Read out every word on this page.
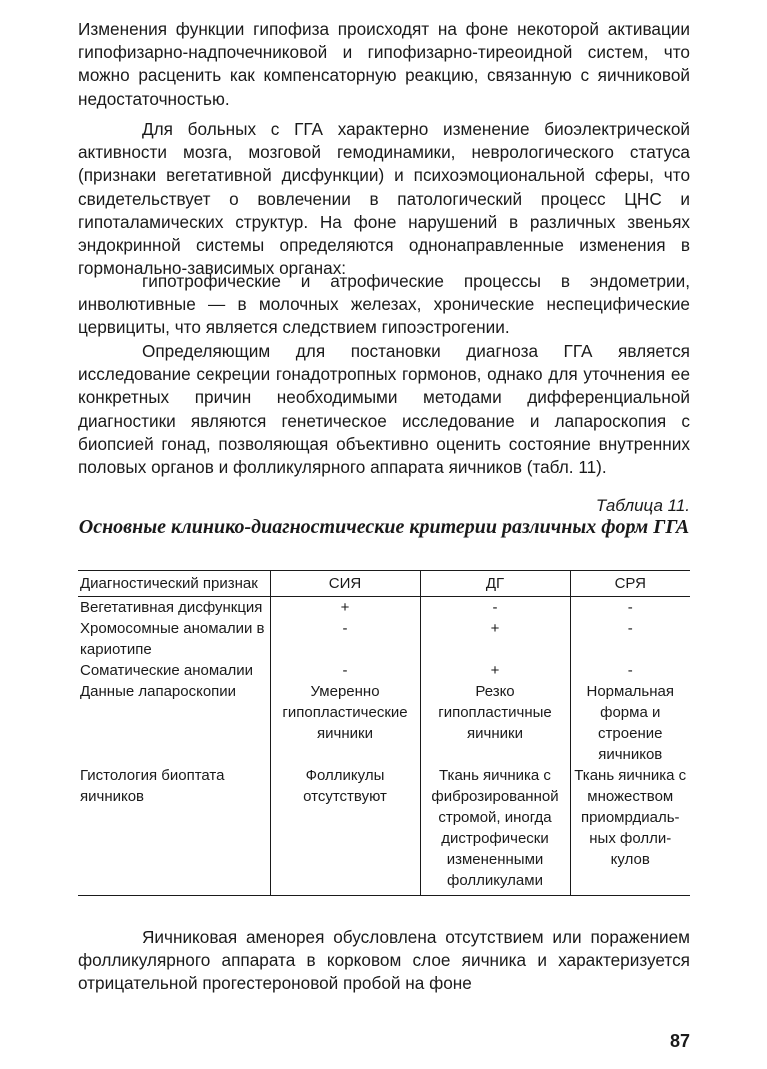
Изменения функции гипофиза происходят на фоне некоторой активации гипофизарно-надпочечниковой и гипофизарно-тиреоидной систем, что можно расценить как компенсаторную реакцию, связанную с яичниковой недостаточностью.

Для больных с ГГА характерно изменение биоэлектрической активности мозга, мозговой гемодинамики, неврологического статуса (признаки вегетативной дисфункции) и психоэмоциональной сферы, что свидетельствует о вовлечении в патологический процесс ЦНС и гипоталамических структур. На фоне нарушений в различных звеньях эндокринной системы определяются однонаправленные изменения в гормонально-зависимых органах:

гипотрофические и атрофические процессы в эндометрии, инволютивные — в молочных железах, хронические неспецифические цервициты, что является следствием гипоэстрогении.

Определяющим для постановки диагноза ГГА является исследование секреции гонадотропных гормонов, однако для уточнения ее конкретных причин необходимыми методами дифференциальной диагностики являются генетическое исследование и лапароскопия с биопсией гонад, позволяющая объективно оценить состояние внутренних половых органов и фолликулярного аппарата яичников (табл. 11).

Таблица 11.
Основные клинико-диагностические критерии различных форм ГГА
Диагностический признак	СИЯ	ДГ	СРЯ
Вегетативная дисфункция	+	-	-
Хромосомные аномалии в кариотипе	-	+	-
Соматические аномалии	-	+	-
Данные лапароскопии	Умеренно гипопластические яичники	Резко гипопластичные яичники	Нормальная форма и строение яичников
Гистология биоптата яичников	Фолликулы отсутствуют	Ткань яичника с фиброзированной стромой, иногда дистрофически измененными фолликулами	Ткань яичника с множеством приомрдиаль-ных фолли-кулов

Яичниковая аменорея обусловлена отсутствием или поражением фолликулярного аппарата в корковом слое яичника и характеризуется отрицательной прогестероновой пробой на фоне

87
